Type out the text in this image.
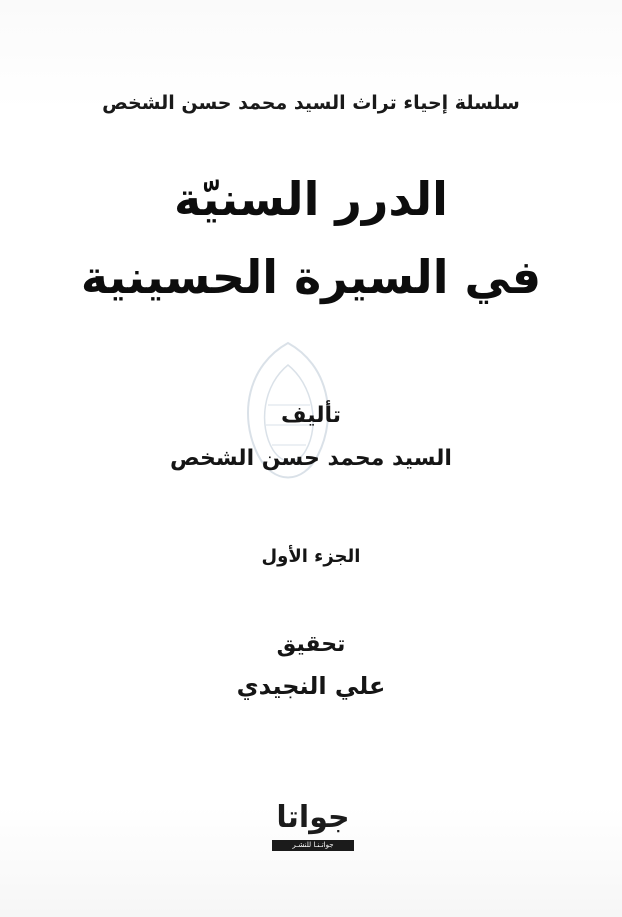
سلسلة إحياء تراث السيد محمد حسن الشخص
الدرر السنيّة
في السيرة الحسينية
تأليف
السيد محمد حسن الشخص
الجزء الأول
تحقيق
علي النجيدي
جواتا
جواتـنـا للنشـر
